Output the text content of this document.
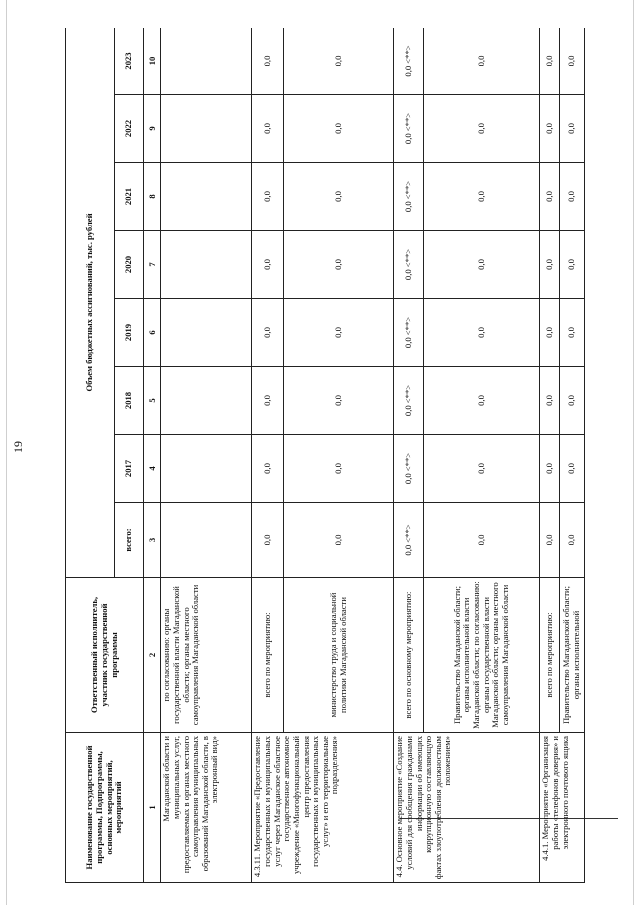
19
Наименование государственной программы, Подпрограммы, основных мероприятий, мероприятий	Ответственный исполнитель, участник государственной программы	Объем бюджетных ассигнований, тыс. рублей							
		всего:	2017	2018	2019	2020	2021	2022	2023
1	2	3	4	5	6	7	8	9	10
Магаданской области и муниципальных услуг, предоставляемых в органах местного самоуправления муниципальных образований Магаданской области, в электронный вид»	по согласованию: органы государственной власти Магаданской области; органы местного самоуправления Магаданской области								
4.3.11. Мероприятие «Предоставление государственных и муниципальных услуг через Магаданское областное государственное автономное учреждение «Многофункциональный центр предоставления государственных и муниципальных услуг» и его территориальные подразделения»	всего по мероприятию:	0,0	0,0	0,0	0,0	0,0	0,0	0,0	0,0
	министерство труда и социальной политики Магаданской области	0,0	0,0	0,0	0,0	0,0	0,0	0,0	0,0
4.4. Основное мероприятие «Создание условий для сообщения гражданами информации об имеющих коррупционную составляющую фактах злоупотребления должностным положением»	всего по основному мероприятию:	0,0 <**>	0,0 <**>	0,0 <**>	0,0 <**>	0,0 <**>	0,0 <**>	0,0 <**>	0,0 <**>
	Правительство Магаданской области; органы исполнительной власти Магаданской области; по согласованию: органы государственной власти Магаданской области; органы местного самоуправления Магаданской области	0,0	0,0	0,0	0,0	0,0	0,0	0,0	0,0
4.4.1. Мероприятие «Организация работы «телефонов доверия» и электронного почтового ящика	всего по мероприятию:	0,0	0,0	0,0	0,0	0,0	0,0	0,0	0,0
	Правительство Магаданской области; органы исполнительной	0,0	0,0	0,0	0,0	0,0	0,0	0,0	0,0
